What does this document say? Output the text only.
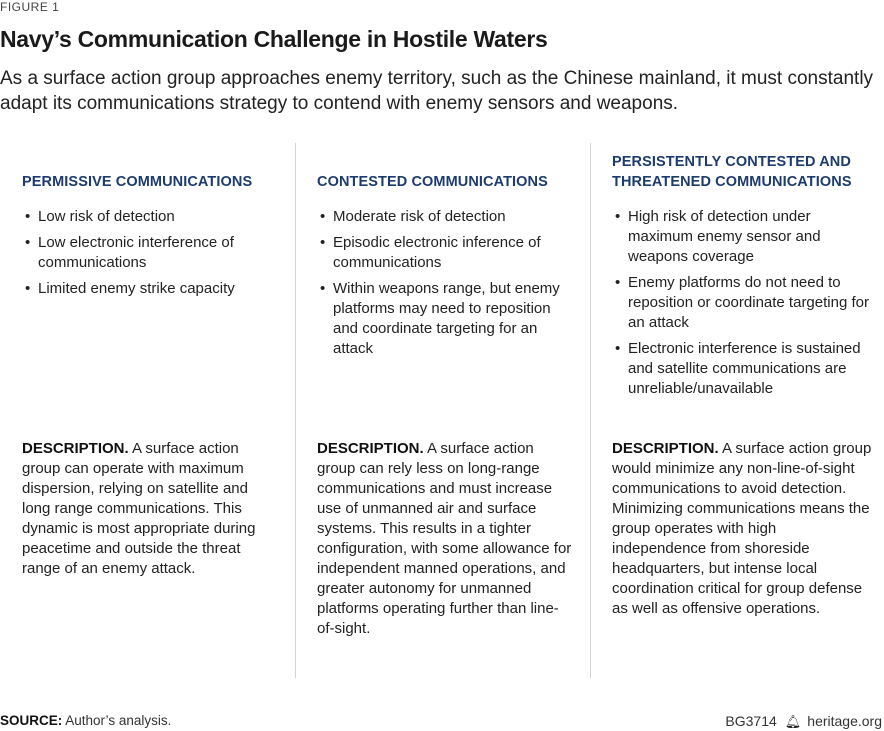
FIGURE 1
Navy’s Communication Challenge in Hostile Waters

As a surface action group approaches enemy territory, such as the Chinese mainland, it must constantly adapt its communications strategy to contend with enemy sensors and weapons.

PERMISSIVE COMMUNICATIONS
• Low risk of detection
• Low electronic interference of communications
• Limited enemy strike capacity

DESCRIPTION. A surface action group can operate with maximum dispersion, relying on satellite and long range communications. This dynamic is most appropriate during peacetime and outside the threat range of an enemy attack.

CONTESTED COMMUNICATIONS
• Moderate risk of detection
• Episodic electronic inference of communications
• Within weapons range, but enemy platforms may need to reposition and coordinate targeting for an attack

DESCRIPTION. A surface action group can rely less on long-range communications and must increase use of unmanned air and surface systems. This results in a tighter configuration, with some allowance for independent manned operations, and greater autonomy for unmanned platforms operating further than line-of-sight.

PERSISTENTLY CONTESTED AND THREATENED COMMUNICATIONS
• High risk of detection under maximum enemy sensor and weapons coverage
• Enemy platforms do not need to reposition or coordinate targeting for an attack
• Electronic interference is sustained and satellite communications are unreliable/unavailable

DESCRIPTION. A surface action group would minimize any non-line-of-sight communications to avoid detection. Minimizing communications means the group operates with high independence from shoreside headquarters, but intense local coordination critical for group defense as well as offensive operations.

SOURCE: Author’s analysis.	BG3714 🔔︎ heritage.org
